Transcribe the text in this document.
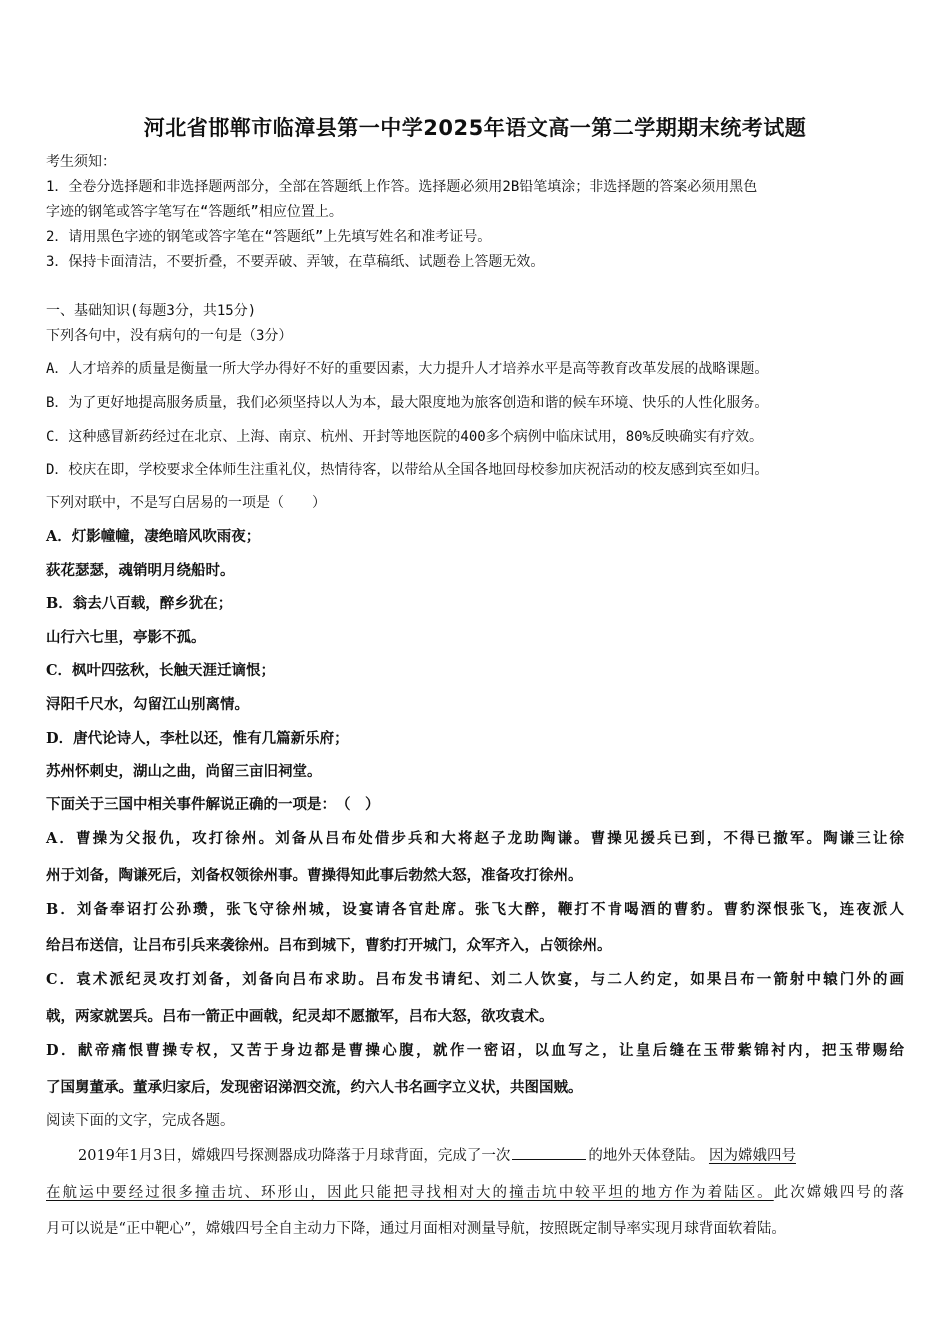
河北省邯郸市临漳县第一中学2025年语文高一第二学期期末统考试题
考生须知：
1．全卷分选择题和非选择题两部分，全部在答题纸上作答。选择题必须用2B铅笔填涂；非选择题的答案必须用黑色
字迹的钢笔或答字笔写在“答题纸”相应位置上。
2．请用黑色字迹的钢笔或答字笔在“答题纸”上先填写姓名和准考证号。
3．保持卡面清洁，不要折叠，不要弄破、弄皱，在草稿纸、试题卷上答题无效。
一、基础知识(每题3分，共15分)
下列各句中，没有病句的一句是（3分）
A．人才培养的质量是衡量一所大学办得好不好的重要因素，大力提升人才培养水平是高等教育改革发展的战略课题。
B．为了更好地提高服务质量，我们必须坚持以人为本，最大限度地为旅客创造和谐的候车环境、快乐的人性化服务。
C．这种感冒新药经过在北京、上海、南京、杭州、开封等地医院的400多个病例中临床试用，80%反映确实有疗效。
D．校庆在即，学校要求全体师生注重礼仪，热情待客，以带给从全国各地回母校参加庆祝活动的校友感到宾至如归。
下列对联中，不是写白居易的一项是（　　）
A．灯影幢幢，凄绝暗风吹雨夜；
荻花瑟瑟，魂销明月绕船时。
B．翁去八百载，醉乡犹在；
山行六七里，亭影不孤。
C．枫叶四弦秋，长触天涯迁谪恨；
浔阳千尺水，勾留江山别离情。
D．唐代论诗人，李杜以还，惟有几篇新乐府；
苏州怀刺史，湖山之曲，尚留三亩旧祠堂。
下面关于三国中相关事件解说正确的一项是：　（　）
A．曹操为父报仇，攻打徐州。刘备从吕布处借步兵和大将赵子龙助陶谦。曹操见援兵已到，不得已撤军。陶谦三让徐
州于刘备，陶谦死后，刘备权领徐州事。曹操得知此事后勃然大怒，准备攻打徐州。
B．刘备奉诏打公孙瓒，张飞守徐州城，设宴请各官赴席。张飞大醉，鞭打不肯喝酒的曹豹。曹豹深恨张飞，连夜派人
给吕布送信，让吕布引兵来袭徐州。吕布到城下，曹豹打开城门，众军齐入，占领徐州。
C．袁术派纪灵攻打刘备，刘备向吕布求助。吕布发书请纪、刘二人饮宴，与二人约定，如果吕布一箭射中辕门外的画
戟，两家就罢兵。吕布一箭正中画戟，纪灵却不愿撤军，吕布大怒，欲攻袁术。
D．献帝痛恨曹操专权，又苦于身边都是曹操心腹，就作一密诏，以血写之，让皇后缝在玉带紫锦衬内，把玉带赐给
了国舅董承。董承归家后，发现密诏涕泗交流，约六人书名画字立义状，共图国贼。
阅读下面的文字，完成各题。
2019年1月3日，嫦娥四号探测器成功降落于月球背面，完成了一次	的地外天体登陆。 因为嫦娥四号
在航运中要经过很多撞击坑、环形山，因此只能把寻找相对大的撞击坑中较平坦的地方作为着陆区。此次嫦娥四号的落
月可以说是“正中靶心”，嫦娥四号全自主动力下降，通过月面相对测量导航，按照既定制导率实现月球背面软着陆。
